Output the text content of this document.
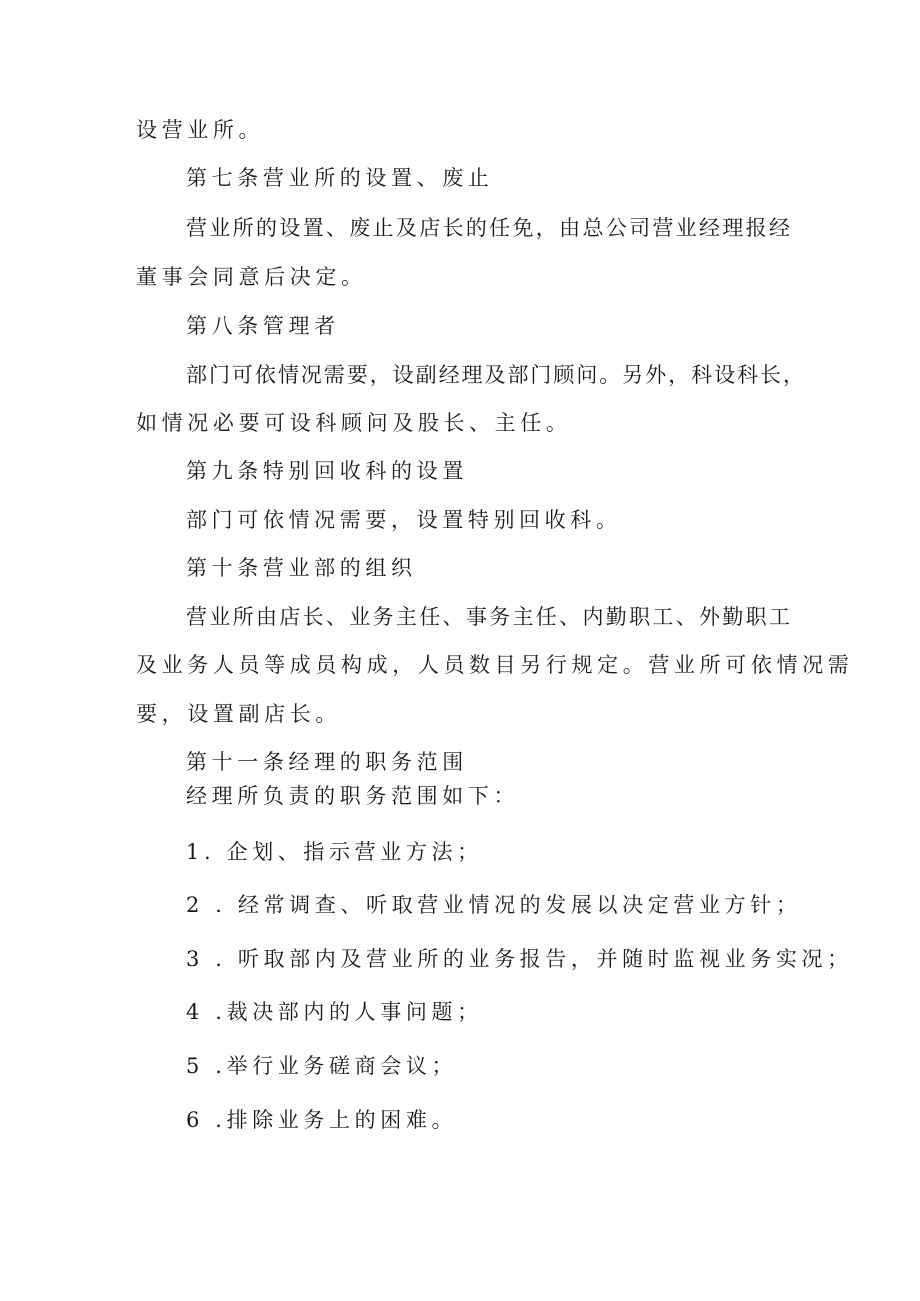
设营业所。
第七条营业所的设置、废止
营业所的设置、废止及店长的任免，由总公司营业经理报经
董事会同意后决定。
第八条管理者
部门可依情况需要，设副经理及部门顾问。另外，科设科长，
如情况必要可设科顾问及股长、主任。
第九条特别回收科的设置
部门可依情况需要，设置特别回收科。
第十条营业部的组织
营业所由店长、业务主任、事务主任、内勤职工、外勤职工
及业务人员等成员构成，人员数目另行规定。营业所可依情况需
要，设置副店长。
第十一条经理的职务范围
经理所负责的职务范围如下：
1. 企划、指示营业方法；
2 . 经常调查、听取营业情况的发展以决定营业方针；
3 . 听取部内及营业所的业务报告，并随时监视业务实况；
4 .裁决部内的人事问题；
5 .举行业务磋商会议；
6 .排除业务上的困难。
